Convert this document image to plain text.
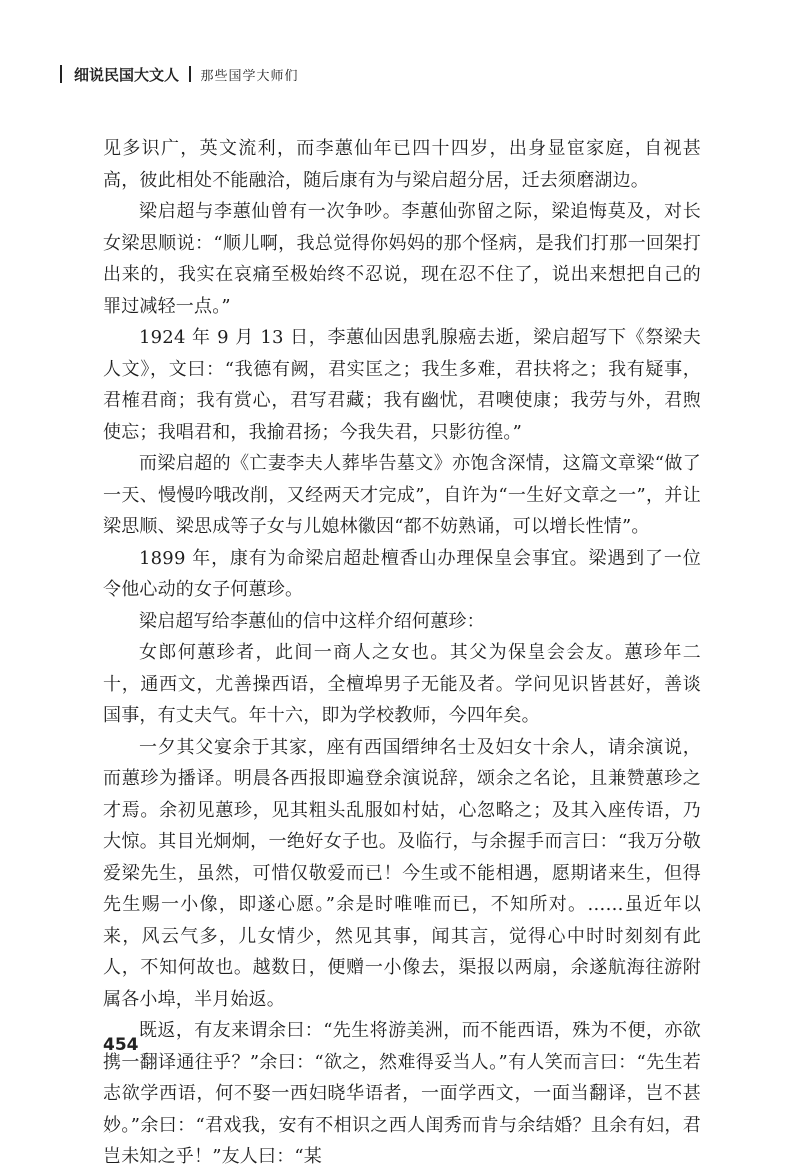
细说民国大文人 那些国学大师们

见多识广，英文流利，而李蕙仙年已四十四岁，出身显宦家庭，自视甚高，彼此相处不能融洽，随后康有为与梁启超分居，迁去须磨湖边。

梁启超与李蕙仙曾有一次争吵。李蕙仙弥留之际，梁追悔莫及，对长女梁思顺说：“顺儿啊，我总觉得你妈妈的那个怪病，是我们打那一回架打出来的，我实在哀痛至极始终不忍说，现在忍不住了，说出来想把自己的罪过减轻一点。”

1924 年 9 月 13 日，李蕙仙因患乳腺癌去逝，梁启超写下《祭梁夫人文》，文曰：“我德有阙，君实匡之；我生多难，君扶将之；我有疑事，君榷君商；我有赏心，君写君藏；我有幽忧，君噢使康；我劳与外，君煦使忘；我唱君和，我揄君扬；今我失君，只影彷徨。”

而梁启超的《亡妻李夫人葬毕告墓文》亦饱含深情，这篇文章梁“做了一天、慢慢吟哦改削，又经两天才完成”，自许为“一生好文章之一”，并让梁思顺、梁思成等子女与儿媳林徽因“都不妨熟诵，可以增长性情”。

1899 年，康有为命梁启超赴檀香山办理保皇会事宜。梁遇到了一位令他心动的女子何蕙珍。

梁启超写给李蕙仙的信中这样介绍何蕙珍：

女郎何蕙珍者，此间一商人之女也。其父为保皇会会友。蕙珍年二十，通西文，尤善操西语，全檀埠男子无能及者。学问见识皆甚好，善谈国事，有丈夫气。年十六，即为学校教师，今四年矣。

一夕其父宴余于其家，座有西国缙绅名士及妇女十余人，请余演说，而蕙珍为播译。明晨各西报即遍登余演说辞，颂余之名论，且兼赞蕙珍之才焉。余初见蕙珍，见其粗头乱服如村姑，心忽略之；及其入座传语，乃大惊。其目光炯炯，一绝好女子也。及临行，与余握手而言曰：“我万分敬爱梁先生，虽然，可惜仅敬爱而已！今生或不能相遇，愿期诸来生，但得先生赐一小像，即遂心愿。”余是时唯唯而已，不知所对。……虽近年以来，风云气多，儿女情少，然见其事，闻其言，觉得心中时时刻刻有此人，不知何故也。越数日，便赠一小像去，渠报以两扇，余遂航海往游附属各小埠，半月始返。

既返，有友来谓余曰：“先生将游美洲，而不能西语，殊为不便，亦欲携一翻译通往乎？”余曰：“欲之，然难得妥当人。”有人笑而言曰：“先生若志欲学西语，何不娶一西妇晓华语者，一面学西文，一面当翻译，岂不甚妙。”余曰：“君戏我，安有不相识之西人闺秀而肯与余结婚？且余有妇，君岂未知之乎！”友人曰：“某

454
